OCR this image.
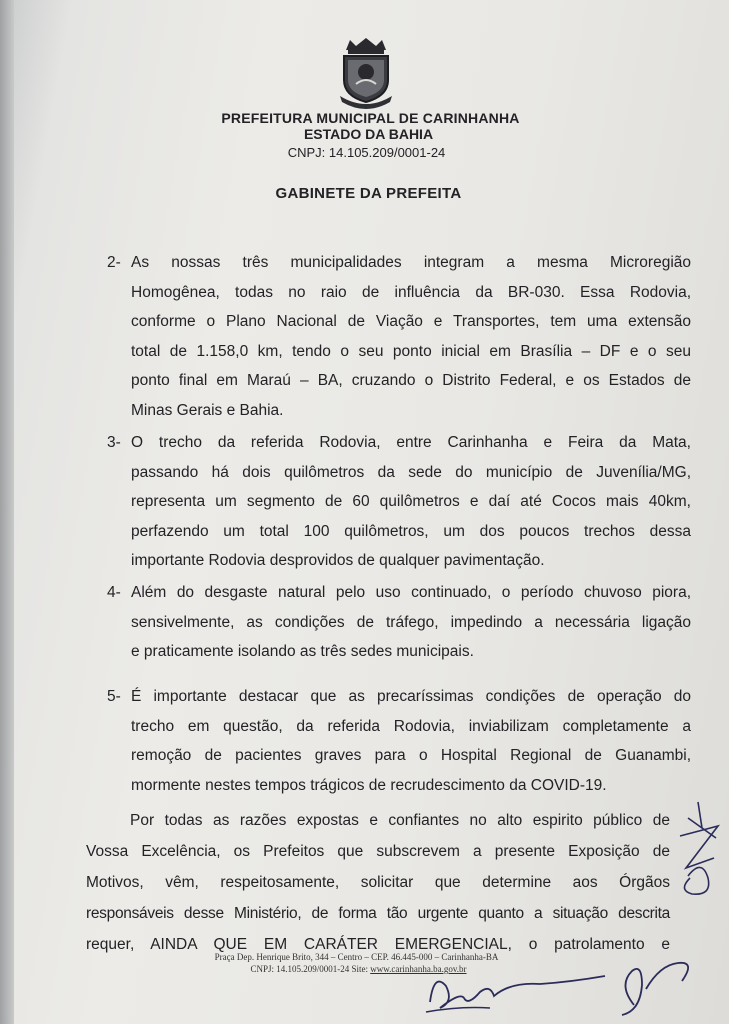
PREFEITURA MUNICIPAL DE CARINHANHA
ESTADO DA BAHIA
CNPJ: 14.105.209/0001-24
GABINETE DA PREFEITA
2- As nossas três municipalidades integram a mesma Microregião
Homogênea, todas no raio de influência da BR-030. Essa Rodovia,
conforme o Plano Nacional de Viação e Transportes, tem uma extensão
total de 1.158,0 km, tendo o seu ponto inicial em Brasília – DF e o seu
ponto final em Maraú – BA, cruzando o Distrito Federal, e os Estados de
Minas Gerais e Bahia.
3- O trecho da referida Rodovia, entre Carinhanha e Feira da Mata,
passando há dois quilômetros da sede do município de Juvenília/MG,
representa um segmento de 60 quilômetros e daí até Cocos mais 40km,
perfazendo um total 100 quilômetros, um dos poucos trechos dessa
importante Rodovia desprovidos de qualquer pavimentação.
4- Além do desgaste natural pelo uso continuado, o período chuvoso piora,
sensivelmente, as condições de tráfego, impedindo a necessária ligação
e praticamente isolando as três sedes municipais.
5- É importante destacar que as precaríssimas condições de operação do
trecho em questão, da referida Rodovia, inviabilizam completamente a
remoção de pacientes graves para o Hospital Regional de Guanambi,
mormente nestes tempos trágicos de recrudescimento da COVID-19.
Por todas as razões expostas e confiantes no alto espirito público de
Vossa Excelência, os Prefeitos que subscrevem a presente Exposição de
Motivos, vêm, respeitosamente, solicitar que determine aos Órgãos
responsáveis desse Ministério, de forma tão urgente quanto a situação descrita
requer, AINDA QUE EM CARÁTER EMERGENCIAL, o patrolamento e
Praça Dep. Henrique Brito, 344 – Centro – CEP. 46.445-000 – Carinhanha-BA
CNPJ: 14.105.209/0001-24 Site: www.carinhanha.ba.gov.br
